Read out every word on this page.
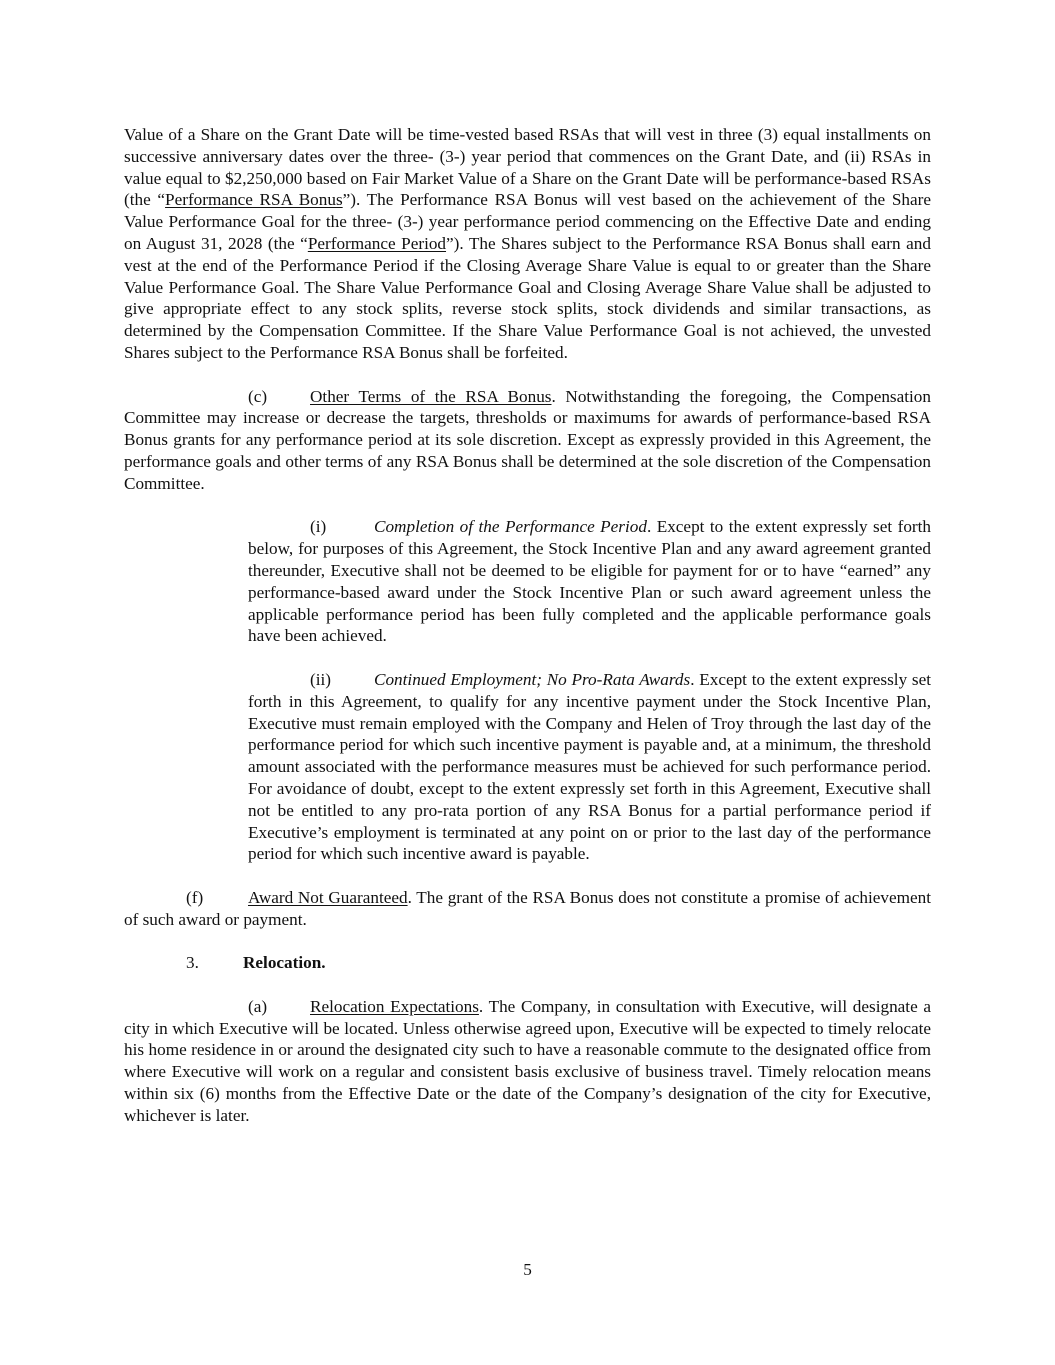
Value of a Share on the Grant Date will be time-vested based RSAs that will vest in three (3) equal installments on successive anniversary dates over the three- (3-) year period that commences on the Grant Date, and (ii) RSAs in value equal to $2,250,000 based on Fair Market Value of a Share on the Grant Date will be performance-based RSAs (the “Performance RSA Bonus”). The Performance RSA Bonus will vest based on the achievement of the Share Value Performance Goal for the three- (3-) year performance period commencing on the Effective Date and ending on August 31, 2028 (the “Performance Period”). The Shares subject to the Performance RSA Bonus shall earn and vest at the end of the Performance Period if the Closing Average Share Value is equal to or greater than the Share Value Performance Goal. The Share Value Performance Goal and Closing Average Share Value shall be adjusted to give appropriate effect to any stock splits, reverse stock splits, stock dividends and similar transactions, as determined by the Compensation Committee. If the Share Value Performance Goal is not achieved, the unvested Shares subject to the Performance RSA Bonus shall be forfeited.

(c) Other Terms of the RSA Bonus. Notwithstanding the foregoing, the Compensation Committee may increase or decrease the targets, thresholds or maximums for awards of performance-based RSA Bonus grants for any performance period at its sole discretion. Except as expressly provided in this Agreement, the performance goals and other terms of any RSA Bonus shall be determined at the sole discretion of the Compensation Committee.

(i)	Completion of the Performance Period. Except to the extent expressly set forth below, for purposes of this Agreement, the Stock Incentive Plan and any award agreement granted thereunder, Executive shall not be deemed to be eligible for payment for or to have “earned” any performance-based award under the Stock Incentive Plan or such award agreement unless the applicable performance period has been fully completed and the applicable performance goals have been achieved.

(ii)	Continued Employment; No Pro-Rata Awards. Except to the extent expressly set forth in this Agreement, to qualify for any incentive payment under the Stock Incentive Plan, Executive must remain employed with the Company and Helen of Troy through the last day of the performance period for which such incentive payment is payable and, at a minimum, the threshold amount associated with the performance measures must be achieved for such performance period. For avoidance of doubt, except to the extent expressly set forth in this Agreement, Executive shall not be entitled to any pro-rata portion of any RSA Bonus for a partial performance period if Executive’s employment is terminated at any point on or prior to the last day of the performance period for which such incentive award is payable.

(f)	Award Not Guaranteed. The grant of the RSA Bonus does not constitute a promise of achievement of such award or payment.

3.	Relocation.

(a) Relocation Expectations. The Company, in consultation with Executive, will designate a city in which Executive will be located. Unless otherwise agreed upon, Executive will be expected to timely relocate his home residence in or around the designated city such to have a reasonable commute to the designated office from where Executive will work on a regular and consistent basis exclusive of business travel. Timely relocation means within six (6) months from the Effective Date or the date of the Company’s designation of the city for Executive, whichever is later.

5
